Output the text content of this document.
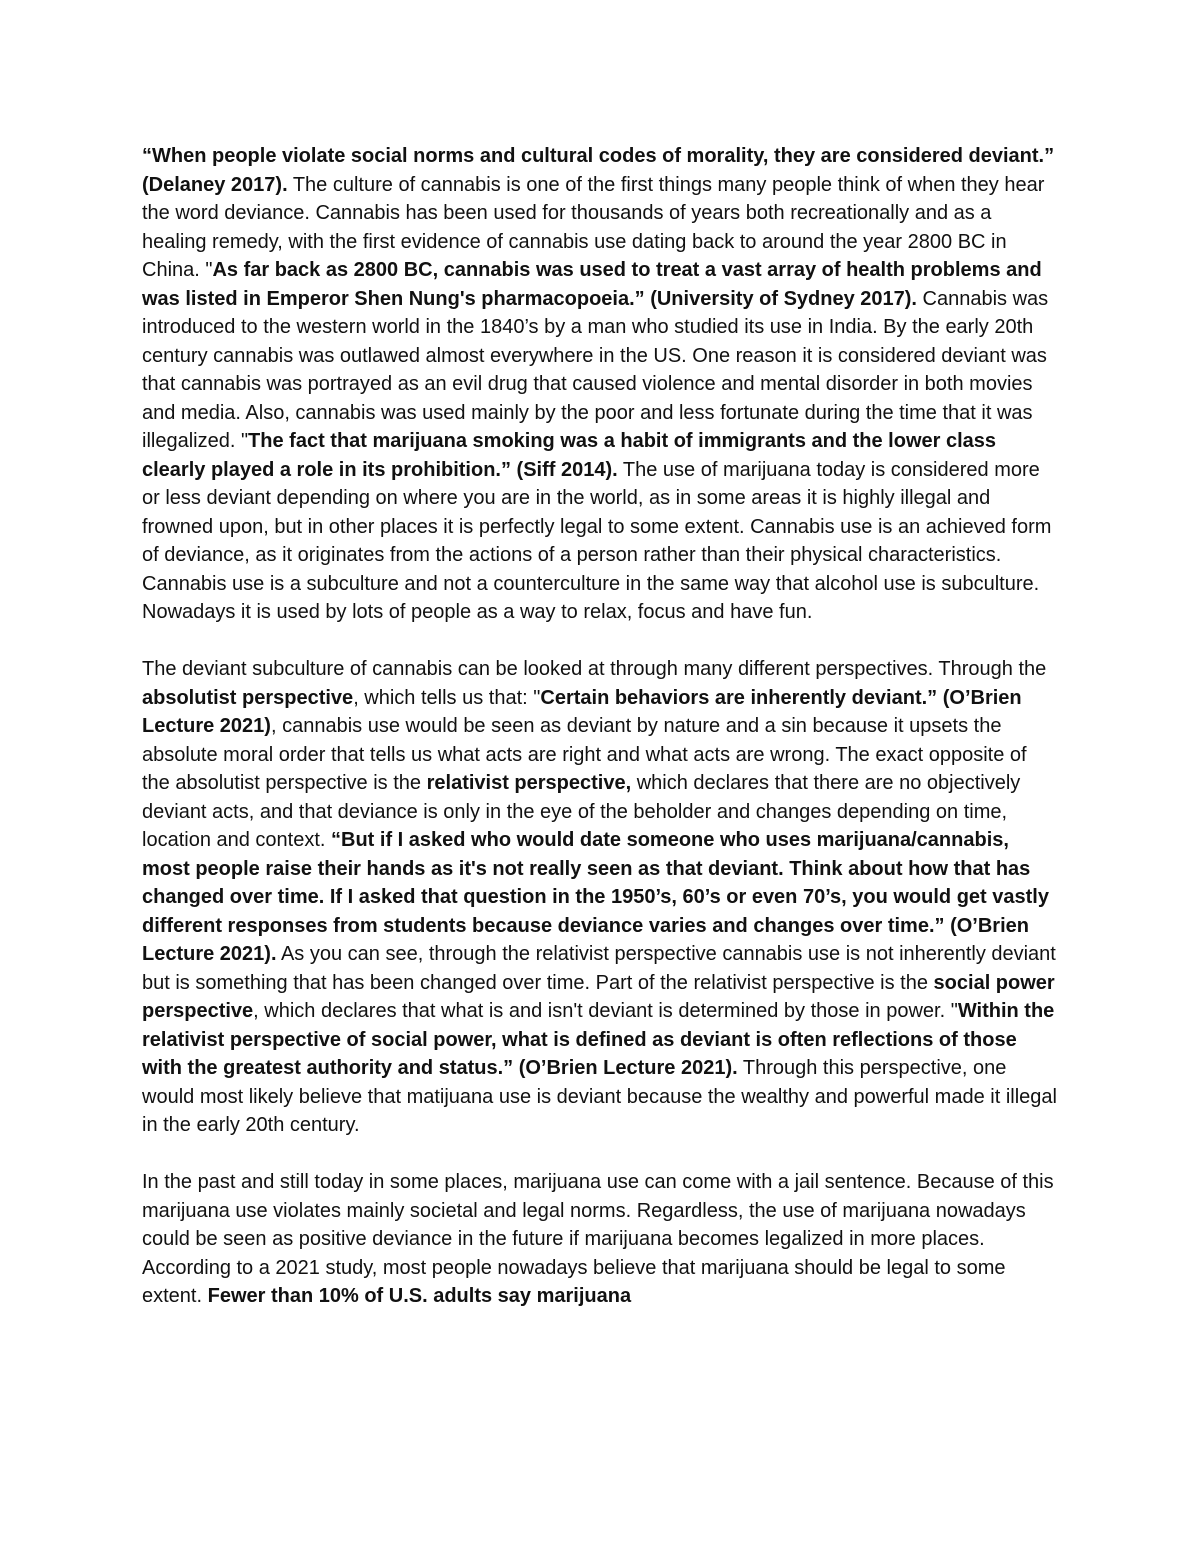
“When people violate social norms and cultural codes of morality, they are considered deviant.” (Delaney 2017). The culture of cannabis is one of the first things many people think of when they hear the word deviance. Cannabis has been used for thousands of years both recreationally and as a healing remedy, with the first evidence of cannabis use dating back to around the year 2800 BC in China. "As far back as 2800 BC, cannabis was used to treat a vast array of health problems and was listed in Emperor Shen Nung's pharmacopoeia.” (University of Sydney 2017). Cannabis was introduced to the western world in the 1840’s by a man who studied its use in India. By the early 20th century cannabis was outlawed almost everywhere in the US. One reason it is considered deviant was that cannabis was portrayed as an evil drug that caused violence and mental disorder in both movies and media. Also, cannabis was used mainly by the poor and less fortunate during the time that it was illegalized. "The fact that marijuana smoking was a habit of immigrants and the lower class clearly played a role in its prohibition.” (Siff 2014). The use of marijuana today is considered more or less deviant depending on where you are in the world, as in some areas it is highly illegal and frowned upon, but in other places it is perfectly legal to some extent. Cannabis use is an achieved form of deviance, as it originates from the actions of a person rather than their physical characteristics. Cannabis use is a subculture and not a counterculture in the same way that alcohol use is subculture. Nowadays it is used by lots of people as a way to relax, focus and have fun.

The deviant subculture of cannabis can be looked at through many different perspectives. Through the absolutist perspective, which tells us that: "Certain behaviors are inherently deviant.” (O’Brien Lecture 2021), cannabis use would be seen as deviant by nature and a sin because it upsets the absolute moral order that tells us what acts are right and what acts are wrong. The exact opposite of the absolutist perspective is the relativist perspective, which declares that there are no objectively deviant acts, and that deviance is only in the eye of the beholder and changes depending on time, location and context. “But if I asked who would date someone who uses marijuana/cannabis, most people raise their hands as it's not really seen as that deviant. Think about how that has changed over time. If I asked that question in the 1950’s, 60’s or even 70’s, you would get vastly different responses from students because deviance varies and changes over time.” (O’Brien Lecture 2021). As you can see, through the relativist perspective cannabis use is not inherently deviant but is something that has been changed over time. Part of the relativist perspective is the social power perspective, which declares that what is and isn't deviant is determined by those in power. "Within the relativist perspective of social power, what is defined as deviant is often reflections of those with the greatest authority and status.” (O’Brien Lecture 2021). Through this perspective, one would most likely believe that matijuana use is deviant because the wealthy and powerful made it illegal in the early 20th century.

In the past and still today in some places, marijuana use can come with a jail sentence. Because of this marijuana use violates mainly societal and legal norms. Regardless, the use of marijuana nowadays could be seen as positive deviance in the future if marijuana becomes legalized in more places. According to a 2021 study, most people nowadays believe that marijuana should be legal to some extent. Fewer than 10% of U.S. adults say marijuana
